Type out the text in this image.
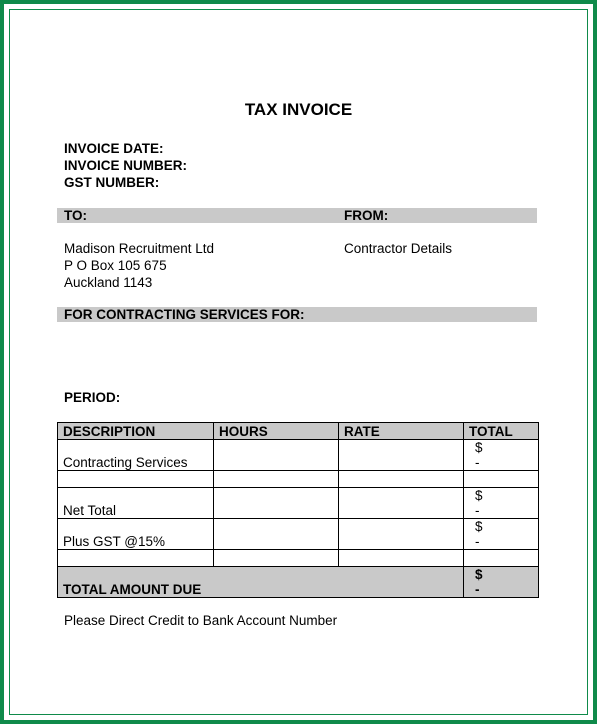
TAX INVOICE
INVOICE DATE:
INVOICE NUMBER:
GST NUMBER:
TO:	FROM:
Madison Recruitment Ltd
P O Box 105 675
Auckland 1143
Contractor Details
FOR CONTRACTING SERVICES FOR:
PERIOD:
DESCRIPTION	HOURS	RATE	TOTAL
Contracting Services			$
-

Net Total			$
-

Plus GST @15%			$
-

TOTAL AMOUNT DUE			$
-
Please Direct Credit to Bank Account Number
